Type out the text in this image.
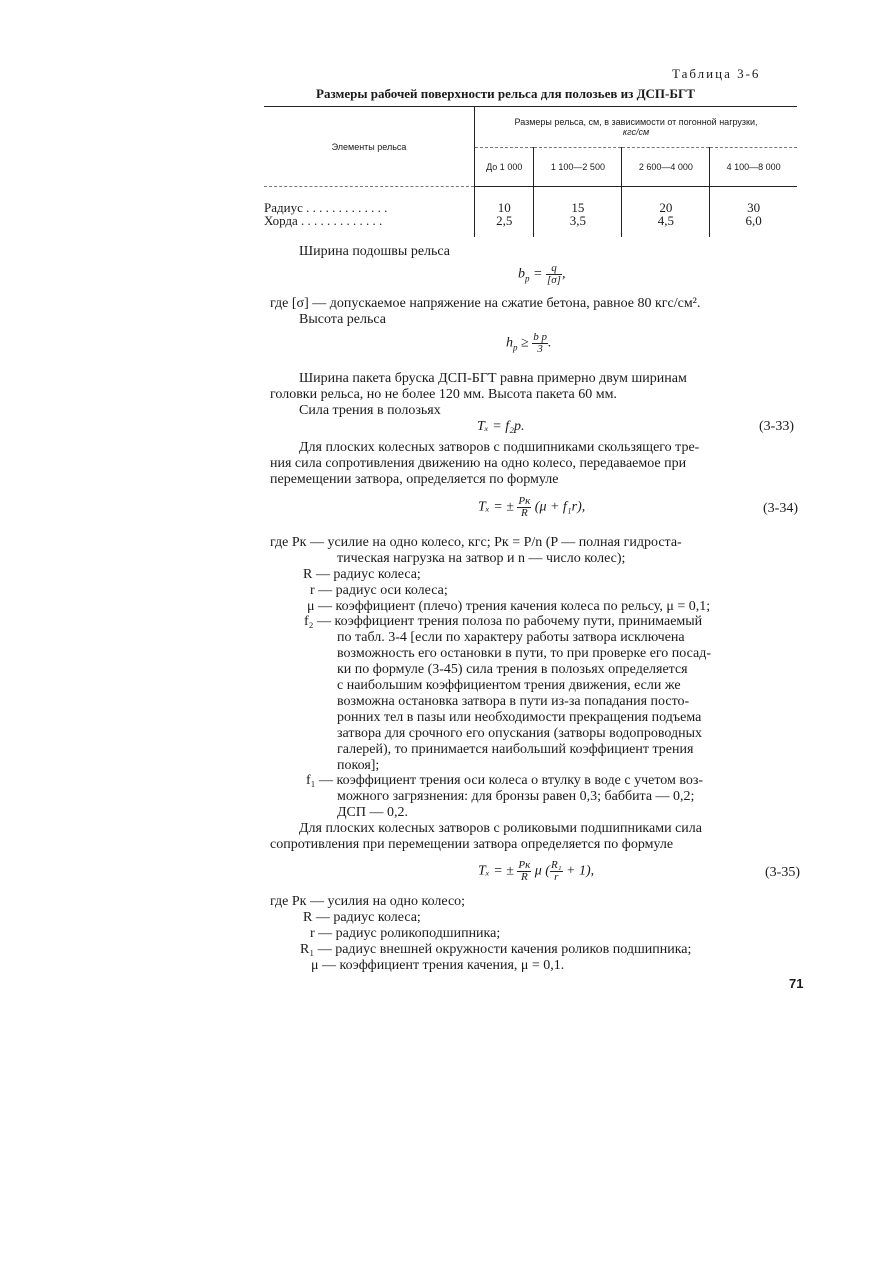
Таблица 3-6
Размеры рабочей поверхности рельса для полозьев из ДСП-БГТ
Элементы рельса	Размеры рельса, см, в зависимости от погонной нагрузки,
кгс/см			

	До 1 000	1 100—2 500	2 600—4 000	4 100—8 000
Радиус . . . . . . . . . . . . .	10	15	20	30
Хорда . . . . . . . . . . . . .	2,5	3,5	4,5	6,0
Ширина подошвы рельса
$b_р = \frac{q}{[\sigma]}$ ,
где [σ] — допускаемое напряжение на сжатие бетона, равное 80 кгс/см².
Высота рельса
$h_р \ge \frac{\text{b р}}{3}$ .
Ширина пакета бруска ДСП-БГТ равна примерно двум ширинам
головки рельса, но не более 120 мм. Высота пакета 60 мм.
Сила трения в полозьях
Tₓ = f₂p.	(3-33)
Для плоских колесных затворов с подшипниками скользящего тре-
ния сила сопротивления движению на одно колесо, передаваемое при
перемещении затвора, определяется по формуле
Tₓ = ± $\frac{Pк}{R} (\mu + f_1r)$,	(3-34)
где Pк — усилие на одно колесо, кгс; Pк = P/n (P — полная гидроста-
тическая нагрузка на затвор и n — число колес);
R — радиус колеса;
r — радиус оси колеса;
μ — коэффициент (плечо) трения качения колеса по рельсу, μ = 0,1;
f₂ — коэффициент трения полоза по рабочему пути, принимаемый
по табл. 3-4 [если по характеру работы затвора исключена
возможность его остановки в пути, то при проверке его посад-
ки по формуле (3-45) сила трения в полозьях определяется
с наибольшим коэффициентом трения движения, если же
возможна остановка затвора в пути из-за попадания посто-
ронних тел в пазы или необходимости прекращения подъема
затвора для срочного его опускания (затворы водопроводных
галерей), то принимается наибольший коэффициент трения
покоя];
f₁ — коэффициент трения оси колеса о втулку в воде с учетом воз-
можного загрязнения: для бронзы равен 0,3; баббита — 0,2;
ДСП — 0,2.
Для плоских колесных затворов с роликовыми подшипниками сила
сопротивления при перемещении затвора определяется по формуле
Tₓ = ± $\frac{Pк}{R}$ μ ( $\frac{\text{R₁}}{r} + 1$),	(3-35)
где Pк — усилия на одно колесо;
R — радиус колеса;
r — радиус роликоподшипника;
R₁ — радиус внешней окружности качения роликов подшипника;
μ — коэффициент трения качения, μ = 0,1.
71
